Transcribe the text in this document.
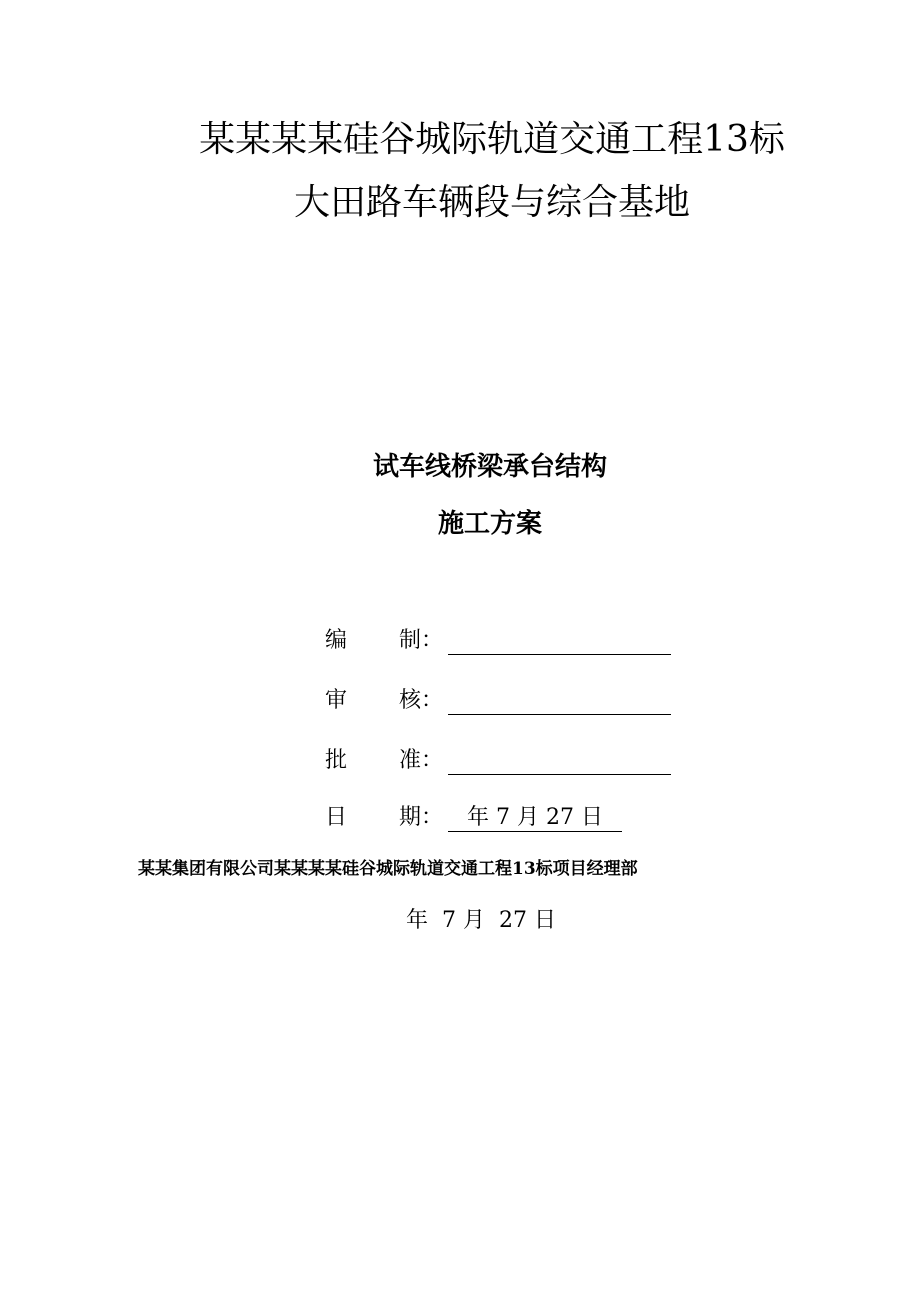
某某某某硅谷城际轨道交通工程13标
大田路车辆段与综合基地
试车线桥梁承台结构
施工方案
编 制：
审 核：
批 准：
日 期：	年 7 月 27 日
某某集团有限公司某某某某硅谷城际轨道交通工程13标项目经理部
年  7 月  27 日
